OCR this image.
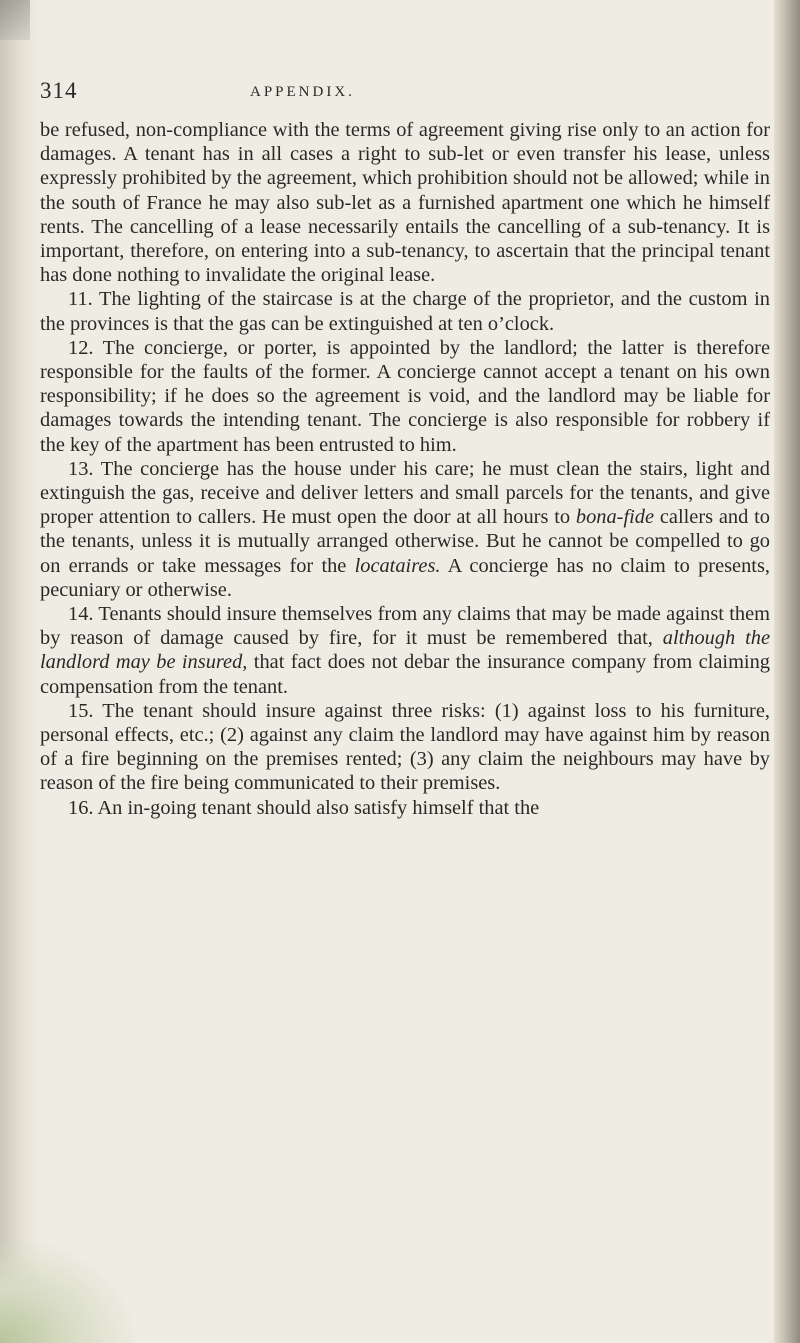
314	APPENDIX.

be refused, non-compliance with the terms of agreement giving rise only to an action for damages. A tenant has in all cases a right to sub-let or even transfer his lease, unless expressly prohibited by the agreement, which prohibition should not be allowed; while in the south of France he may also sub-let as a furnished apartment one which he himself rents. The cancelling of a lease necessarily entails the cancelling of a sub-tenancy. It is important, therefore, on entering into a sub-tenancy, to ascertain that the principal tenant has done nothing to invalidate the original lease.

11. The lighting of the staircase is at the charge of the proprietor, and the custom in the provinces is that the gas can be extinguished at ten o’clock.

12. The concierge, or porter, is appointed by the landlord; the latter is therefore responsible for the faults of the former. A concierge cannot accept a tenant on his own responsibility; if he does so the agreement is void, and the landlord may be liable for damages towards the intending tenant. The concierge is also responsible for robbery if the key of the apartment has been entrusted to him.

13. The concierge has the house under his care; he must clean the stairs, light and extinguish the gas, receive and deliver letters and small parcels for the tenants, and give proper attention to callers. He must open the door at all hours to bona-fide callers and to the tenants, unless it is mutually arranged otherwise. But he cannot be compelled to go on errands or take messages for the locataires. A concierge has no claim to presents, pecuniary or otherwise.

14. Tenants should insure themselves from any claims that may be made against them by reason of damage caused by fire, for it must be remembered that, although the landlord may be insured, that fact does not debar the insurance company from claiming compensation from the tenant.

15. The tenant should insure against three risks: (1) against loss to his furniture, personal effects, etc.; (2) against any claim the landlord may have against him by reason of a fire beginning on the premises rented; (3) any claim the neighbours may have by reason of the fire being communicated to their premises.

16. An in-going tenant should also satisfy himself that the
